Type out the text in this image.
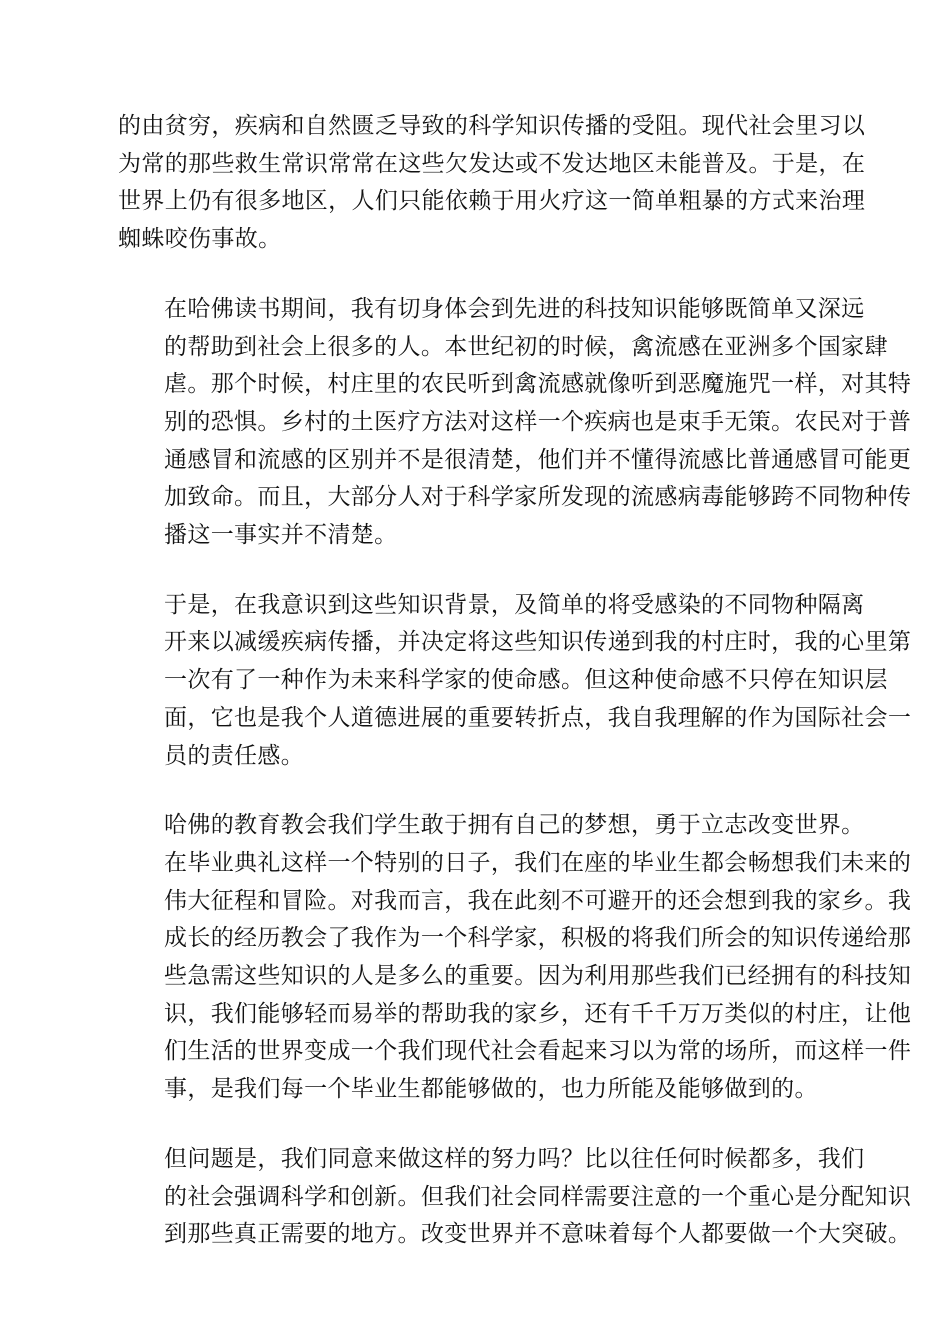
的由贫穷，疾病和自然匮乏导致的科学知识传播的受阻。现代社会里习以
为常的那些救生常识常常在这些欠发达或不发达地区未能普及。于是，在
世界上仍有很多地区，人们只能依赖于用火疗这一简单粗暴的方式来治理
蜘蛛咬伤事故。
在哈佛读书期间，我有切身体会到先进的科技知识能够既简单又深远
的帮助到社会上很多的人。本世纪初的时候，禽流感在亚洲多个国家肆
虐。那个时候，村庄里的农民听到禽流感就像听到恶魔施咒一样，对其特
别的恐惧。乡村的土医疗方法对这样一个疾病也是束手无策。农民对于普
通感冒和流感的区别并不是很清楚，他们并不懂得流感比普通感冒可能更
加致命。而且，大部分人对于科学家所发现的流感病毒能够跨不同物种传
播这一事实并不清楚。
于是，在我意识到这些知识背景，及简单的将受感染的不同物种隔离
开来以减缓疾病传播，并决定将这些知识传递到我的村庄时，我的心里第
一次有了一种作为未来科学家的使命感。但这种使命感不只停在知识层
面，它也是我个人道德进展的重要转折点，我自我理解的作为国际社会一
员的责任感。
哈佛的教育教会我们学生敢于拥有自己的梦想，勇于立志改变世界。
在毕业典礼这样一个特别的日子，我们在座的毕业生都会畅想我们未来的
伟大征程和冒险。对我而言，我在此刻不可避开的还会想到我的家乡。我
成长的经历教会了我作为一个科学家，积极的将我们所会的知识传递给那
些急需这些知识的人是多么的重要。因为利用那些我们已经拥有的科技知
识，我们能够轻而易举的帮助我的家乡，还有千千万万类似的村庄，让他
们生活的世界变成一个我们现代社会看起来习以为常的场所，而这样一件
事，是我们每一个毕业生都能够做的，也力所能及能够做到的。
但问题是，我们同意来做这样的努力吗？比以往任何时候都多，我们
的社会强调科学和创新。但我们社会同样需要注意的一个重心是分配知识
到那些真正需要的地方。改变世界并不意味着每个人都要做一个大突破。
